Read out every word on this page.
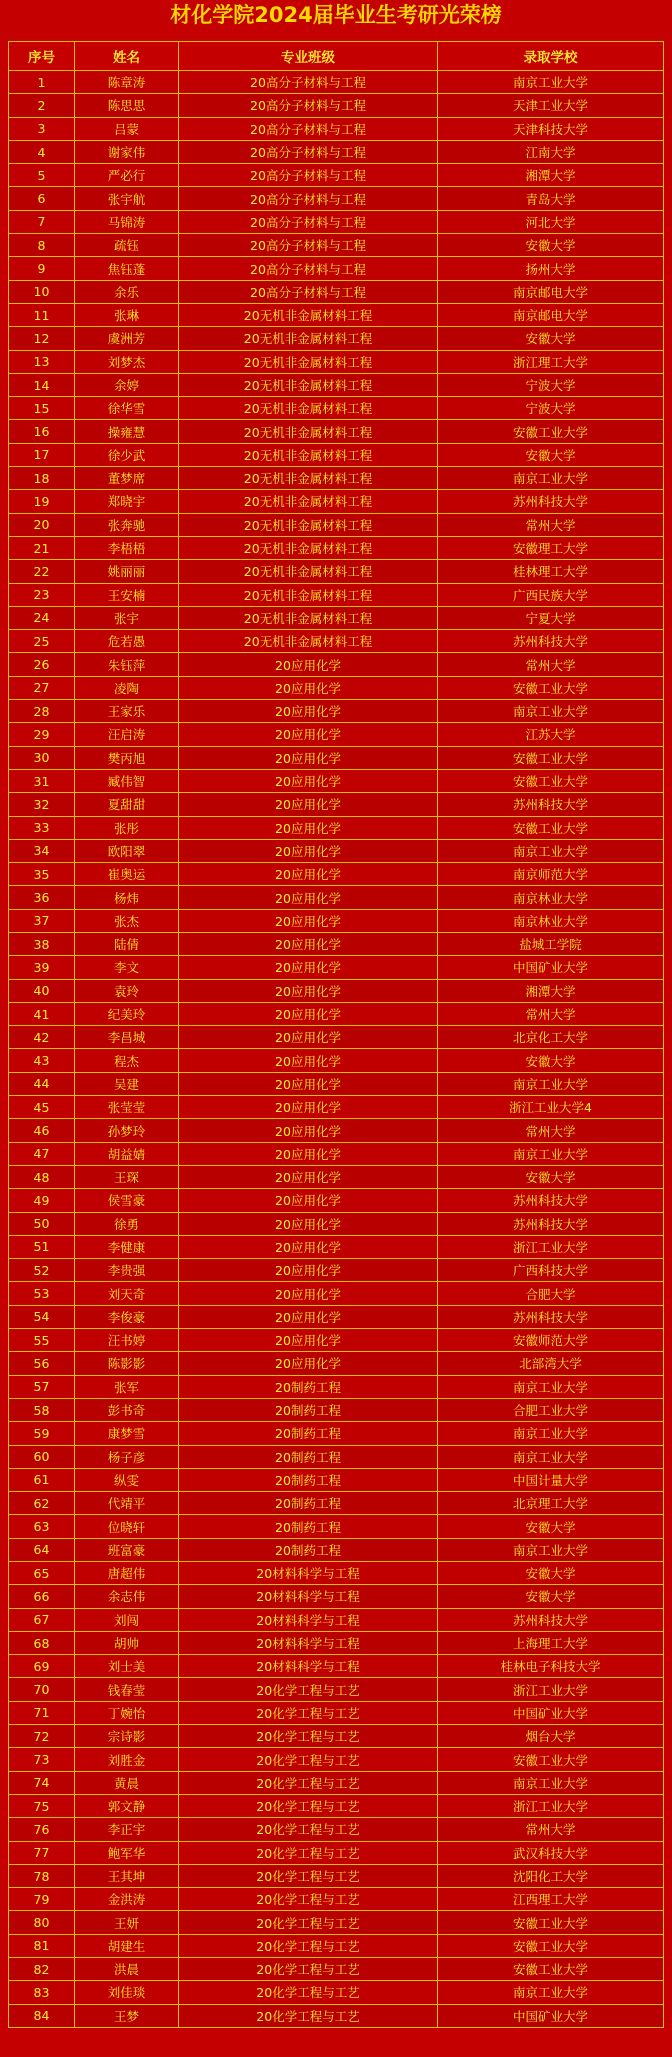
材化学院2024届毕业生考研光荣榜
序号	姓名	专业班级	录取学校
1	陈章涛	20高分子材料与工程	南京工业大学
2	陈思思	20高分子材料与工程	天津工业大学
3	吕蒙	20高分子材料与工程	天津科技大学
4	谢家伟	20高分子材料与工程	江南大学
5	严必行	20高分子材料与工程	湘潭大学
6	张宇航	20高分子材料与工程	青岛大学
7	马锦涛	20高分子材料与工程	河北大学
8	疏钰	20高分子材料与工程	安徽大学
9	焦钰蓬	20高分子材料与工程	扬州大学
10	余乐	20高分子材料与工程	南京邮电大学
11	张琳	20无机非金属材料工程	南京邮电大学
12	虞洲芳	20无机非金属材料工程	安徽大学
13	刘梦杰	20无机非金属材料工程	浙江理工大学
14	余婷	20无机非金属材料工程	宁波大学
15	徐华雪	20无机非金属材料工程	宁波大学
16	操雍慧	20无机非金属材料工程	安徽工业大学
17	徐少武	20无机非金属材料工程	安徽大学
18	董梦席	20无机非金属材料工程	南京工业大学
19	郑晓宇	20无机非金属材料工程	苏州科技大学
20	张奔驰	20无机非金属材料工程	常州大学
21	李梧梧	20无机非金属材料工程	安徽理工大学
22	姚丽丽	20无机非金属材料工程	桂林理工大学
23	王安楠	20无机非金属材料工程	广西民族大学
24	张宇	20无机非金属材料工程	宁夏大学
25	危若愚	20无机非金属材料工程	苏州科技大学
26	朱钰萍	20应用化学	常州大学
27	凌陶	20应用化学	安徽工业大学
28	王家乐	20应用化学	南京工业大学
29	汪启涛	20应用化学	江苏大学
30	樊丙旭	20应用化学	安徽工业大学
31	臧伟智	20应用化学	安徽工业大学
32	夏甜甜	20应用化学	苏州科技大学
33	张彤	20应用化学	安徽工业大学
34	欧阳翠	20应用化学	南京工业大学
35	崔奥运	20应用化学	南京师范大学
36	杨炜	20应用化学	南京林业大学
37	张杰	20应用化学	南京林业大学
38	陆倩	20应用化学	盐城工学院
39	李文	20应用化学	中国矿业大学
40	袁玲	20应用化学	湘潭大学
41	纪美玲	20应用化学	常州大学
42	李昌城	20应用化学	北京化工大学
43	程杰	20应用化学	安徽大学
44	吴建	20应用化学	南京工业大学
45	张莹莹	20应用化学	浙江工业大学4
46	孙梦玲	20应用化学	常州大学
47	胡益婧	20应用化学	南京工业大学
48	王琛	20应用化学	安徽大学
49	侯雪豪	20应用化学	苏州科技大学
50	徐勇	20应用化学	苏州科技大学
51	李健康	20应用化学	浙江工业大学
52	李贵强	20应用化学	广西科技大学
53	刘天奇	20应用化学	合肥大学
54	李俊豪	20应用化学	苏州科技大学
55	汪书婷	20应用化学	安徽师范大学
56	陈影影	20应用化学	北部湾大学
57	张军	20制药工程	南京工业大学
58	彭书奇	20制药工程	合肥工业大学
59	康梦雪	20制药工程	南京工业大学
60	杨子彦	20制药工程	南京工业大学
61	纵雯	20制药工程	中国计量大学
62	代靖平	20制药工程	北京理工大学
63	位晓轩	20制药工程	安徽大学
64	班富豪	20制药工程	南京工业大学
65	唐超伟	20材料科学与工程	安徽大学
66	余志伟	20材料科学与工程	安徽大学
67	刘闯	20材料科学与工程	苏州科技大学
68	胡帅	20材料科学与工程	上海理工大学
69	刘士美	20材料科学与工程	桂林电子科技大学
70	钱春莹	20化学工程与工艺	浙江工业大学
71	丁婉怡	20化学工程与工艺	中国矿业大学
72	宗诗影	20化学工程与工艺	烟台大学
73	刘胜金	20化学工程与工艺	安徽工业大学
74	黄晨	20化学工程与工艺	南京工业大学
75	郭文静	20化学工程与工艺	浙江工业大学
76	李正宇	20化学工程与工艺	常州大学
77	鲍军华	20化学工程与工艺	武汉科技大学
78	王其坤	20化学工程与工艺	沈阳化工大学
79	金洪涛	20化学工程与工艺	江西理工大学
80	王妍	20化学工程与工艺	安徽工业大学
81	胡建生	20化学工程与工艺	安徽工业大学
82	洪晨	20化学工程与工艺	安徽工业大学
83	刘佳琰	20化学工程与工艺	南京工业大学
84	王梦	20化学工程与工艺	中国矿业大学
